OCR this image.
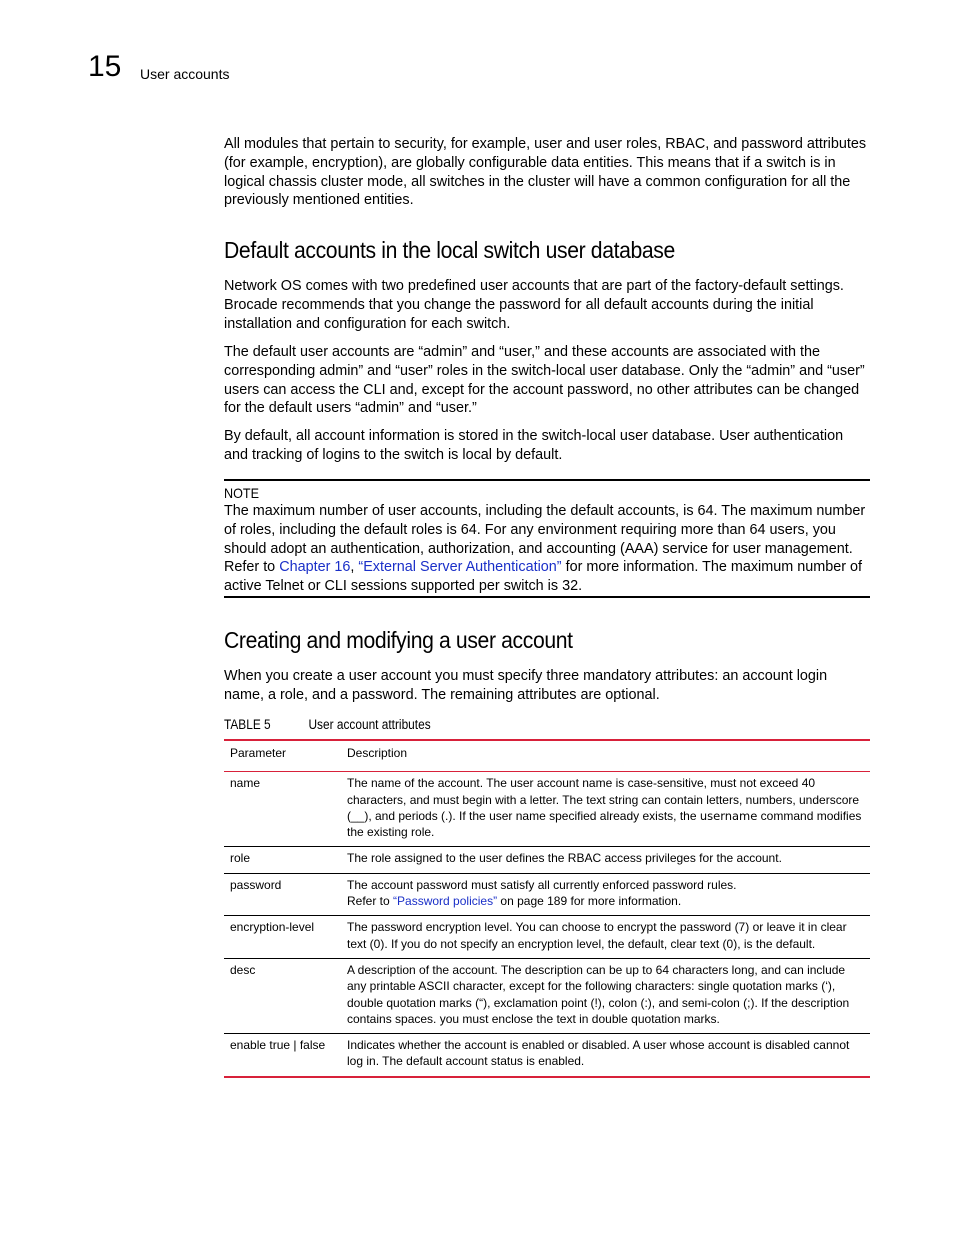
15 User accounts

All modules that pertain to security, for example, user and user roles, RBAC, and password attributes (for example, encryption), are globally configurable data entities. This means that if a switch is in logical chassis cluster mode, all switches in the cluster will have a common configuration for all the previously mentioned entities.

Default accounts in the local switch user database

Network OS comes with two predefined user accounts that are part of the factory-default settings. Brocade recommends that you change the password for all default accounts during the initial installation and configuration for each switch.

The default user accounts are “admin” and “user,” and these accounts are associated with the corresponding admin” and “user” roles in the switch-local user database. Only the “admin” and “user” users can access the CLI and, except for the account password, no other attributes can be changed for the default users “admin” and “user.”

By default, all account information is stored in the switch-local user database. User authentication and tracking of logins to the switch is local by default.

NOTE
The maximum number of user accounts, including the default accounts, is 64. The maximum number of roles, including the default roles is 64. For any environment requiring more than 64 users, you should adopt an authentication, authorization, and accounting (AAA) service for user management. Refer to Chapter 16, “External Server Authentication” for more information. The maximum number of active Telnet or CLI sessions supported per switch is 32.
Creating and modifying a user account

When you create a user account you must specify three mandatory attributes: an account login name, a role, and a password. The remaining attributes are optional.

TABLE 5	User account attributes
Parameter	Description
name	The name of the account. The user account name is case-sensitive, must not exceed 40 characters, and must begin with a letter. The text string can contain letters, numbers, underscore (__), and periods (.). If the user name specified already exists, the username command modifies the existing role.
role	The role assigned to the user defines the RBAC access privileges for the account.
password	The account password must satisfy all currently enforced password rules.
Refer to “Password policies” on page 189 for more information.
encryption-level	The password encryption level. You can choose to encrypt the password (7) or leave it in clear text (0). If you do not specify an encryption level, the default, clear text (0), is the default.
desc	A description of the account. The description can be up to 64 characters long, and can include any printable ASCII character, except for the following characters: single quotation marks (‘), double quotation marks (“), exclamation point (!), colon (:), and semi-colon (;). If the description contains spaces. you must enclose the text in double quotation marks.
enable true | false	Indicates whether the account is enabled or disabled. A user whose account is disabled cannot log in. The default account status is enabled.
